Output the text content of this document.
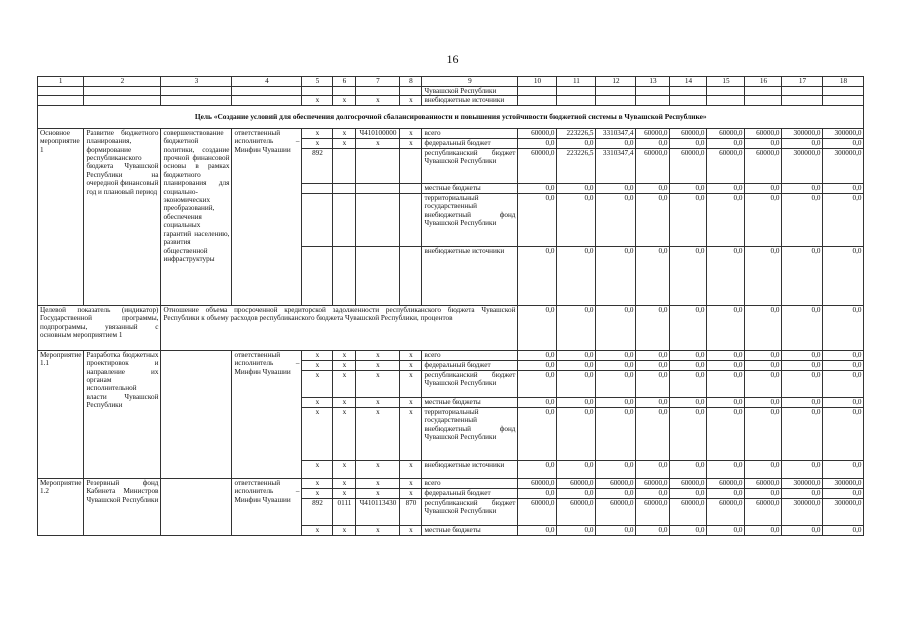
16
1	2	3	4	5	6	7	8	9	10	11	12	13	14	15	16	17	18
								Чувашской Республики									
				х	х	х	х	внебюджетные источники									
Цель «Создание условий для обеспечения долгосрочной сбалансированности и повышения устойчивости бюджетной системы в Чувашской Республике»																	
Основное мероприятие 1	Развитие бюджетного планирования, формирование республиканского бюджета Чувашской Республики на очередной финансовый год и плановый период	совершенствование бюджетной политики, создание прочной финансовой основы в рамках бюджетного планирования для социально-экономических преобразований, обеспечения социальных гарантий населению, развития общественной инфраструктуры	ответственный исполнитель – Минфин Чувашии	х	х	Ч410100000	х	всего	60000,0	223226,5	3310347,4	60000,0	60000,0	60000,0	60000,0	300000,0	300000,0
				х	х	х	х	федеральный бюджет	0,0	0,0	0,0	0,0	0,0	0,0	0,0	0,0	0,0
				892				республиканский бюджет Чувашской Республики	60000,0	223226,5	3310347,4	60000,0	60000,0	60000,0	60000,0	300000,0	300000,0
								местные бюджеты	0,0	0,0	0,0	0,0	0,0	0,0	0,0	0,0	0,0
								территориальный государственный внебюджетный фонд Чувашской Республики	0,0	0,0	0,0	0,0	0,0	0,0	0,0	0,0	0,0
								внебюджетные источники	0,0	0,0	0,0	0,0	0,0	0,0	0,0	0,0	0,0
Целевой показатель (индикатор) Государственной программы, подпрограммы, увязанный с основным мероприятием 1		Отношение объема просроченной кредиторской задолженности республиканского бюджета Чувашской Республики к объему расходов республиканского бюджета Чувашской Республики, процентов							0,0	0,0	0,0	0,0	0,0	0,0	0,0	0,0	0,0
Мероприятие 1.1	Разработка бюджетных проектировок и направление их органам исполнительной власти Чувашской Республики		ответственный исполнитель – Минфин Чувашии	х	х	х	х	всего	0,0	0,0	0,0	0,0	0,0	0,0	0,0	0,0	0,0
				х	х	х	х	федеральный бюджет	0,0	0,0	0,0	0,0	0,0	0,0	0,0	0,0	0,0
				х	х	х	х	республиканский бюджет Чувашской Республики	0,0	0,0	0,0	0,0	0,0	0,0	0,0	0,0	0,0
				х	х	х	х	местные бюджеты	0,0	0,0	0,0	0,0	0,0	0,0	0,0	0,0	0,0
				х	х	х	х	территориальный государственный внебюджетный фонд Чувашской Республики	0,0	0,0	0,0	0,0	0,0	0,0	0,0	0,0	0,0
				х	х	х	х	внебюджетные источники	0,0	0,0	0,0	0,0	0,0	0,0	0,0	0,0	0,0
Мероприятие 1.2	Резервный фонд Кабинета Министров Чувашской Республики		ответственный исполнитель – Минфин Чувашии	х	х	х	х	всего	60000,0	60000,0	60000,0	60000,0	60000,0	60000,0	60000,0	300000,0	300000,0
				х	х	х	х	федеральный бюджет	0,0	0,0	0,0	0,0	0,0	0,0	0,0	0,0	0,0
				892	0111	Ч410113430	870	республиканский бюджет Чувашской Республики	60000,0	60000,0	60000,0	60000,0	60000,0	60000,0	60000,0	300000,0	300000,0
				х	х	х	х	местные бюджеты	0,0	0,0	0,0	0,0	0,0	0,0	0,0	0,0	0,0
